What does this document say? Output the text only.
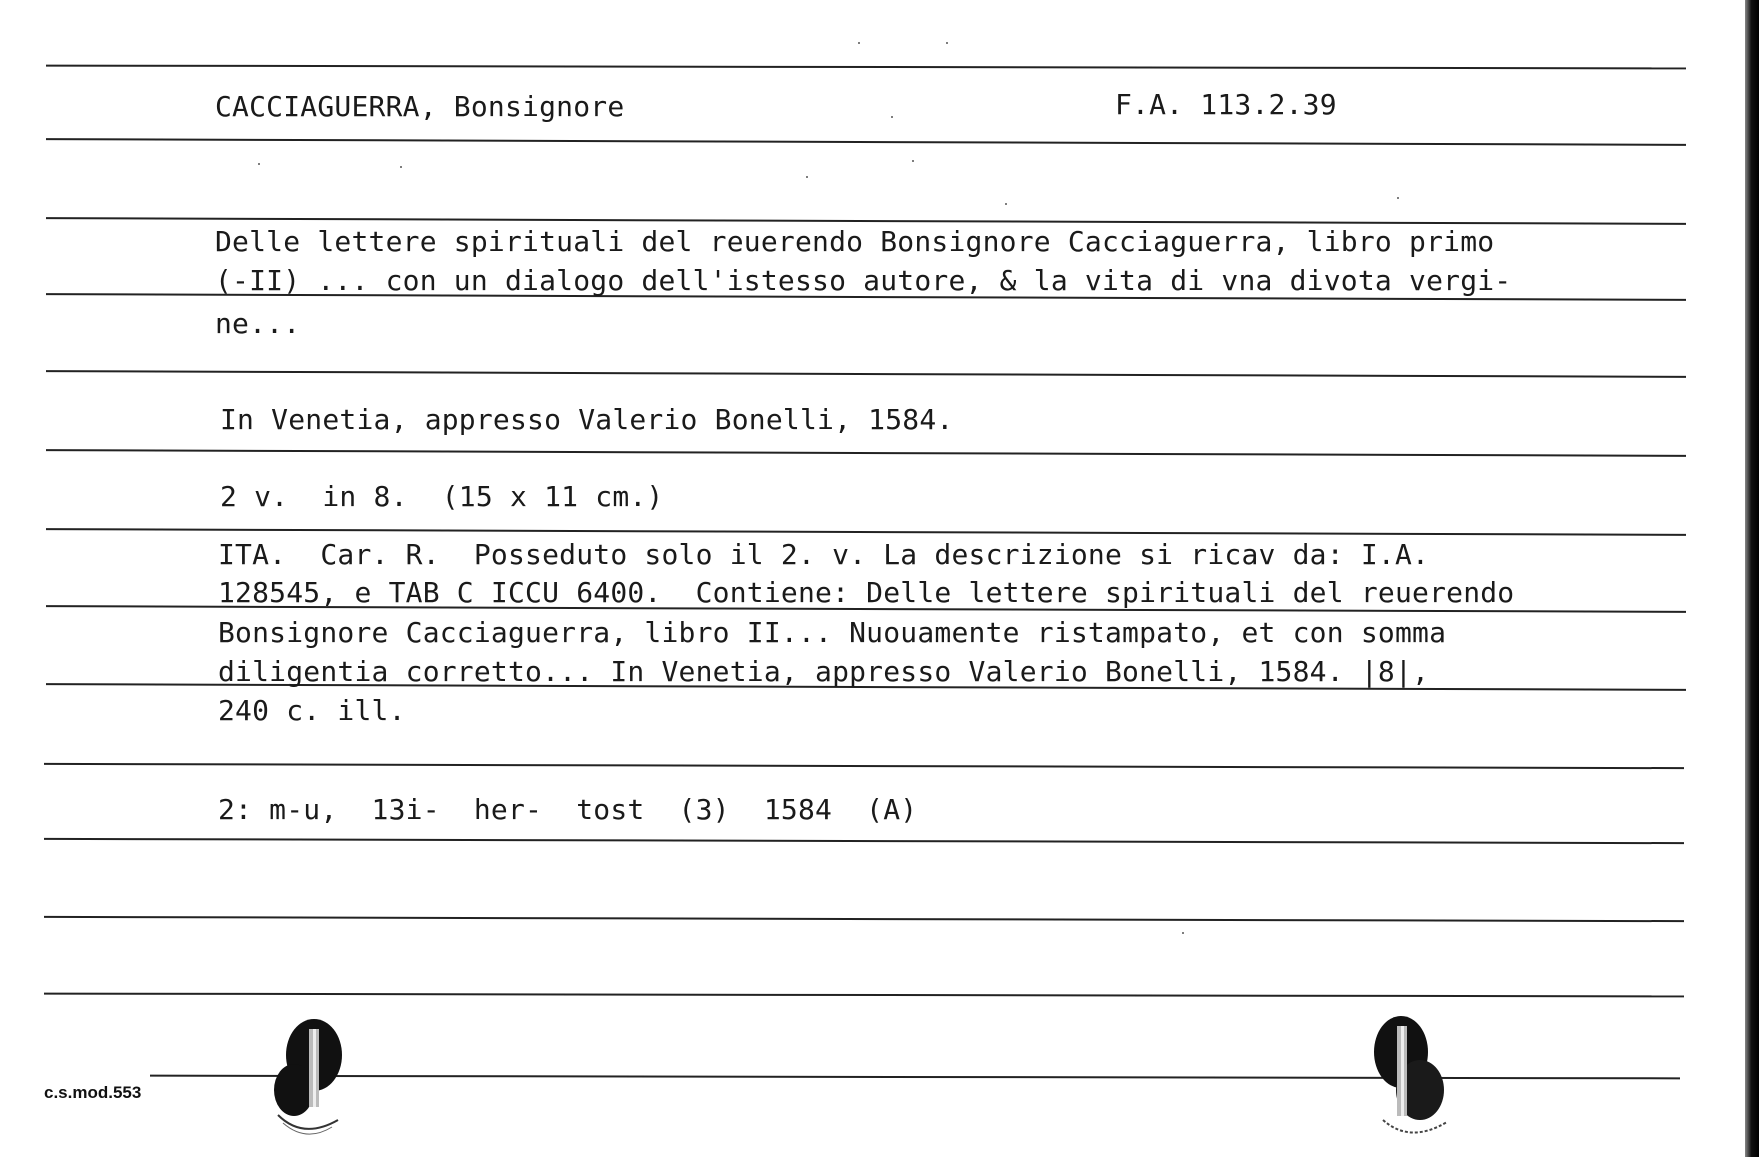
CACCIAGUERRA, Bonsignore	F.A. 113.2.39
Delle lettere spirituali del reuerendo Bonsignore Cacciaguerra, libro primo
(-II) ... con un dialogo dell'istesso autore, & la vita di vna divota vergi-
ne...
In Venetia, appresso Valerio Bonelli, 1584.
2 v.  in 8.  (15 x 11 cm.)
ITA.  Car. R.  Posseduto solo il 2. v. La descrizione si ricav da: I.A.
128545, e TAB C ICCU 6400.  Contiene: Delle lettere spirituali del reuerendo
Bonsignore Cacciaguerra, libro II... Nuouamente ristampato, et con somma
diligentia corretto... In Venetia, appresso Valerio Bonelli, 1584. |8|,
240 c. ill.
2: m-u,  13i-  her-  tost  (3)  1584  (A)
c.s.mod.553
